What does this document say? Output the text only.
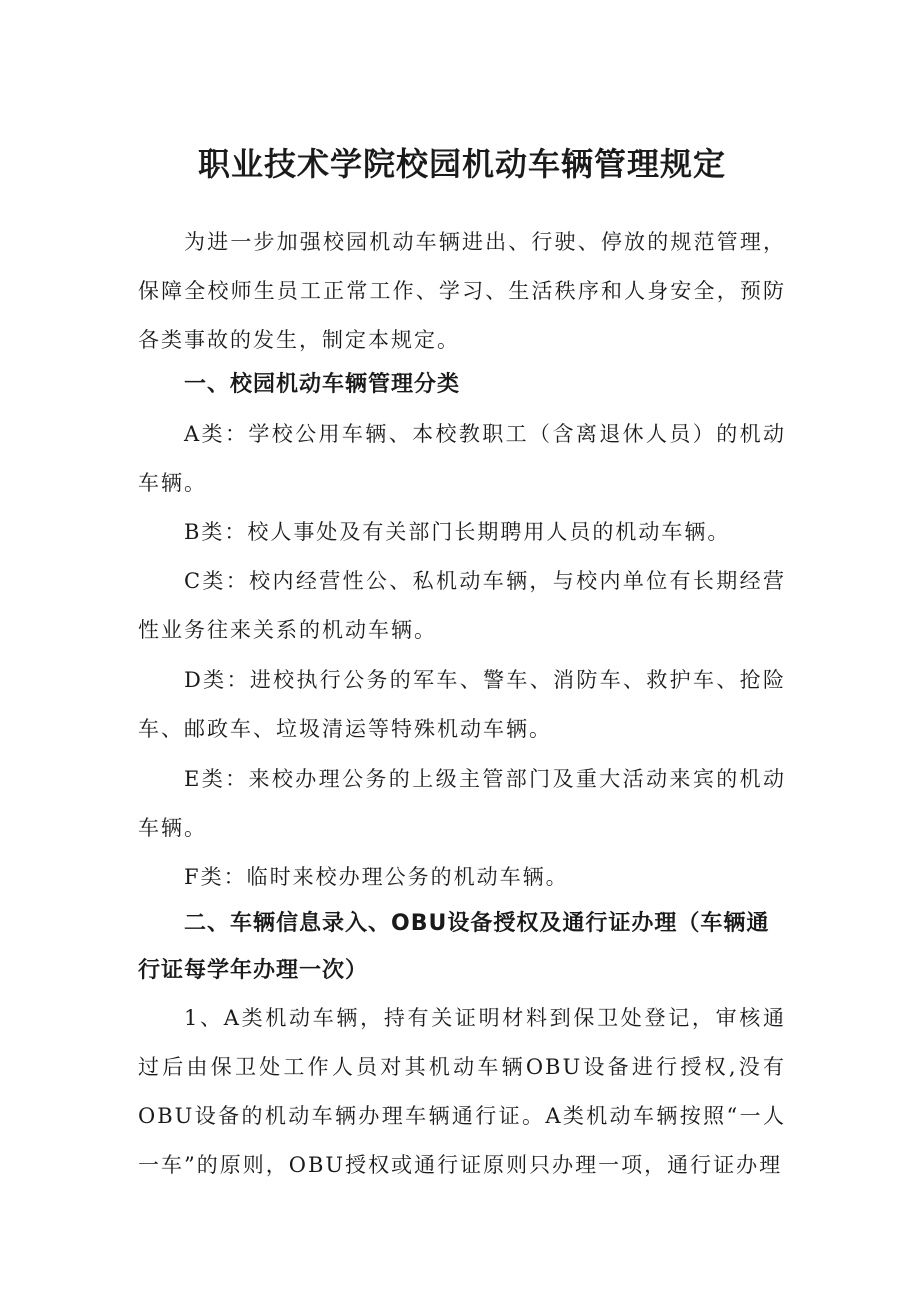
职业技术学院校园机动车辆管理规定

为进一步加强校园机动车辆进出、行驶、停放的规范管理，保障全校师生员工正常工作、学习、生活秩序和人身安全，预防各类事故的发生，制定本规定。

一、校园机动车辆管理分类

A类：学校公用车辆、本校教职工（含离退休人员）的机动车辆。

B类：校人事处及有关部门长期聘用人员的机动车辆。

C类：校内经营性公、私机动车辆，与校内单位有长期经营性业务往来关系的机动车辆。

D类：进校执行公务的军车、警车、消防车、救护车、抢险车、邮政车、垃圾清运等特殊机动车辆。

E类：来校办理公务的上级主管部门及重大活动来宾的机动车辆。

F类：临时来校办理公务的机动车辆。

二、车辆信息录入、OBU设备授权及通行证办理（车辆通行证每学年办理一次）

1、A类机动车辆，持有关证明材料到保卫处登记，审核通过后由保卫处工作人员对其机动车辆OBU设备进行授权,没有OBU设备的机动车辆办理车辆通行证。A类机动车辆按照“一人一车”的原则，OBU授权或通行证原则只办理一项，通行证办理
